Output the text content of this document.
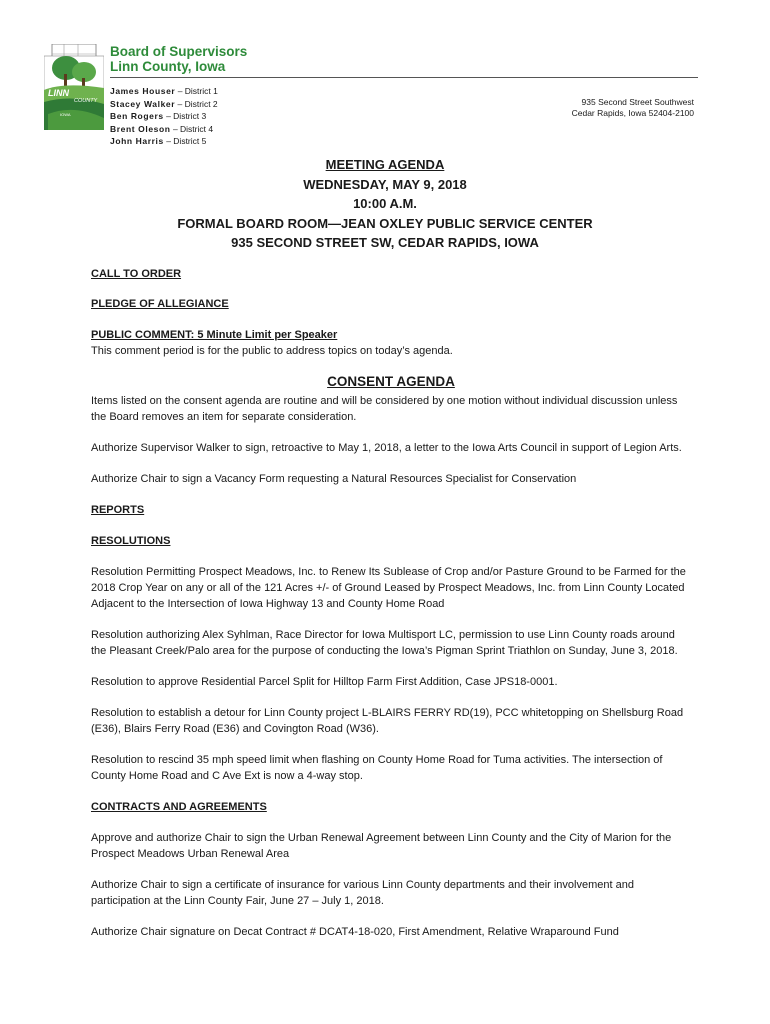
LINN
COUNTY
IOWA
Board of Supervisors
Linn County, Iowa
James Houser – District 1
Stacey Walker – District 2
Ben Rogers – District 3
Brent Oleson – District 4
John Harris – District 5
935 Second Street Southwest
Cedar Rapids, Iowa 52404-2100
MEETING AGENDA
WEDNESDAY, MAY 9, 2018
10:00 A.M.
FORMAL BOARD ROOM—JEAN OXLEY PUBLIC SERVICE CENTER
935 SECOND STREET SW, CEDAR RAPIDS, IOWA
CALL TO ORDER
PLEDGE OF ALLEGIANCE
PUBLIC COMMENT: 5 Minute Limit per Speaker
This comment period is for the public to address topics on today’s agenda.
CONSENT AGENDA
Items listed on the consent agenda are routine and will be considered by one motion without individual discussion unless the Board removes an item for separate consideration.
Authorize Supervisor Walker to sign, retroactive to May 1, 2018, a letter to the Iowa Arts Council in support of Legion Arts.
Authorize Chair to sign a Vacancy Form requesting a Natural Resources Specialist for Conservation
REPORTS
RESOLUTIONS
Resolution Permitting Prospect Meadows, Inc. to Renew Its Sublease of Crop and/or Pasture Ground to be Farmed for the 2018 Crop Year on any or all of the 121 Acres +/- of Ground Leased by Prospect Meadows, Inc. from Linn County Located Adjacent to the Intersection of Iowa Highway 13 and County Home Road
Resolution authorizing Alex Syhlman, Race Director for Iowa Multisport LC, permission to use Linn County roads around the Pleasant Creek/Palo area for the purpose of conducting the Iowa’s Pigman Sprint Triathlon on Sunday, June 3, 2018.
Resolution to approve Residential Parcel Split for Hilltop Farm First Addition, Case JPS18-0001.
Resolution to establish a detour for Linn County project L-BLAIRS FERRY RD(19), PCC whitetopping on Shellsburg Road (E36), Blairs Ferry Road (E36) and Covington Road (W36).
Resolution to rescind 35 mph speed limit when flashing on County Home Road for Tuma activities. The intersection of County Home Road and C Ave Ext is now a 4-way stop.
CONTRACTS AND AGREEMENTS
Approve and authorize Chair to sign the Urban Renewal Agreement between Linn County and the City of Marion for the Prospect Meadows Urban Renewal Area
Authorize Chair to sign a certificate of insurance for various Linn County departments and their involvement and participation at the Linn County Fair, June 27 – July 1, 2018.
Authorize Chair signature on Decat Contract # DCAT4-18-020, First Amendment, Relative Wraparound Fund
